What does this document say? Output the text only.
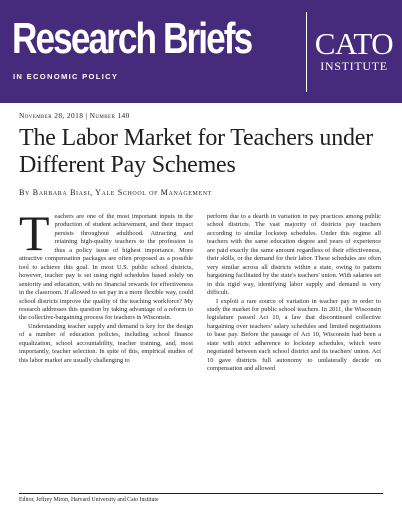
Research Briefs
IN ECONOMIC POLICY
CATO
INSTITUTE
November 28, 2018 | Number 140
The Labor Market for Teachers under Different Pay Schemes
By Barbara Biasi, Yale School of Management

Teachers are one of the most important inputs in the production of student achievement, and their impact persists throughout adulthood. Attracting and retaining high-quality teachers to the profession is thus a policy issue of highest importance. More attractive compensation packages are often proposed as a possible tool to achieve this goal. In most U.S. public school districts, however, teacher pay is set using rigid schedules based solely on seniority and education, with no financial rewards for effectiveness in the classroom. If allowed to set pay in a more flexible way, could school districts improve the quality of the teaching workforce? My research addresses this question by taking advantage of a reform to the collective-bargaining process for teachers in Wisconsin.

Understanding teacher supply and demand is key for the design of a number of education policies, including school finance equalization, school accountability, teacher training, and, most importantly, teacher selection. In spite of this, empirical studies of this labor market are usually challenging to

perform due to a dearth in variation in pay practices among public school districts. The vast majority of districts pay teachers according to similar lockstep schedules. Under this regime all teachers with the same education degree and years of experience are paid exactly the same amount regardless of their effectiveness, their skills, or the demand for their labor. These schedules are often very similar across all districts within a state, owing to pattern bargaining facilitated by the state's teachers' union. With salaries set in this rigid way, identifying labor supply and demand is very difficult.

I exploit a rare source of variation in teacher pay in order to study the market for public school teachers. In 2011, the Wisconsin legislature passed Act 10, a law that discontinued collective bargaining over teachers' salary schedules and limited negotiations to base pay. Before the passage of Act 10, Wisconsin had been a state with strict adherence to lockstep schedules, which were negotiated between each school district and its teachers' union. Act 10 gave districts full autonomy to unilaterally decide on compensation and allowed

Editor, Jeffrey Miron, Harvard University and Cato Institute
